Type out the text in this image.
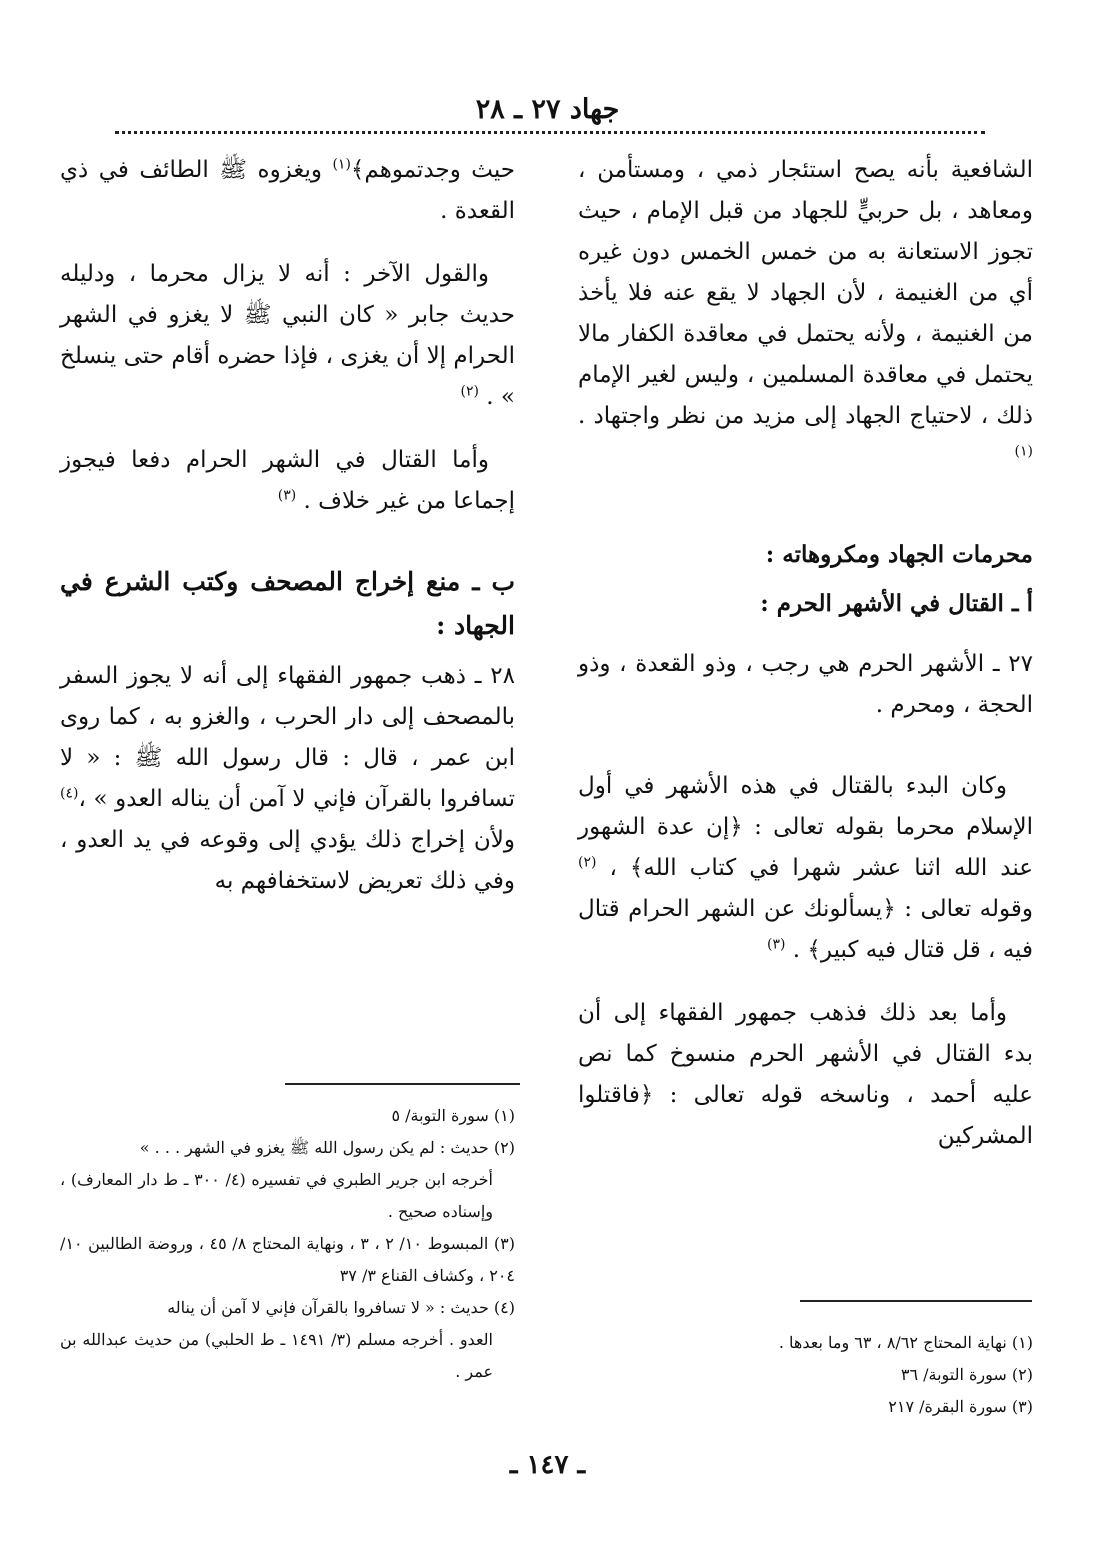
جهاد ٢٧ ـ ٢٨

الشافعية بأنه يصح استئجار ذمي ، ومستأمن ، ومعاهد ، بل حربيٍّ للجهاد من قبل الإمام ، حيث تجوز الاستعانة به من خمس الخمس دون غيره أي من الغنيمة ، لأن الجهاد لا يقع عنه فلا يأخذ من الغنيمة ، ولأنه يحتمل في معاقدة الكفار مالا يحتمل في معاقدة المسلمين ، وليس لغير الإمام ذلك ، لاحتياج الجهاد إلى مزيد من نظر واجتهاد . $^{(١)}$

محرمات الجهاد ومكروهاته :
أ ـ القتال في الأشهر الحرم :

٢٧ ـ الأشهر الحرم هي رجب ، وذو القعدة ، وذو الحجة ، ومحرم .

وكان البدء بالقتال في هذه الأشهر في أول الإسلام محرما بقوله تعالى : ﴿إن عدة الشهور عند الله اثنا عشر شهرا في كتاب الله﴾ ، $^{(٢)}$ وقوله تعالى : ﴿يسألونك عن الشهر الحرام قتال فيه ، قل قتال فيه كبير﴾ . $^{(٣)}$

وأما بعد ذلك فذهب جمهور الفقهاء إلى أن بدء القتال في الأشهر الحرم منسوخ كما نص عليه أحمد ، وناسخه قوله تعالى : ﴿فاقتلوا المشركين

حيث وجدتموهم﴾$^{(١)}$ ويغزوه ﷺ الطائف في ذي القعدة .

والقول الآخر : أنه لا يزال محرما ، ودليله حديث جابر « كان النبي ﷺ لا يغزو في الشهر الحرام إلا أن يغزى ، فإذا حضره أقام حتى ينسلخ » . $^{(٢)}$

وأما القتال في الشهر الحرام دفعا فيجوز إجماعا من غير خلاف . $^{(٣)}$

ب ـ منع إخراج المصحف وكتب الشرع في الجهاد :

٢٨ ـ ذهب جمهور الفقهاء إلى أنه لا يجوز السفر بالمصحف إلى دار الحرب ، والغزو به ، كما روى ابن عمر ، قال : قال رسول الله ﷺ : « لا تسافروا بالقرآن فإني لا آمن أن يناله العدو » ،$^{(٤)}$ ولأن إخراج ذلك يؤدي إلى وقوعه في يد العدو ، وفي ذلك تعريض لاستخفافهم به

(١) سورة التوبة/ ٥

(٢) حديث : لم يكن رسول الله ﷺ يغزو في الشهر . . . »

أخرجه ابن جرير الطبري في تفسيره (٤/ ٣٠٠ ـ ط دار المعارف) ، وإسناده صحيح .

(٣) المبسوط ١٠/ ٢ ، ٣ ، ونهاية المحتاج ٨/ ٤٥ ، وروضة الطالبين ١٠/ ٢٠٤ ، وكشاف القناع ٣/ ٣٧

(٤) حديث : « لا تسافروا بالقرآن فإني لا آمن أن يناله

العدو . أخرجه مسلم (٣/ ١٤٩١ ـ ط الحلبي) من حديث عبدالله بن عمر .

(١) نهاية المحتاج ٨/٦٢ ، ٦٣ وما بعدها .

(٢) سورة التوبة/ ٣٦

(٣) سورة البقرة/ ٢١٧

ـ ١٤٧ ـ
